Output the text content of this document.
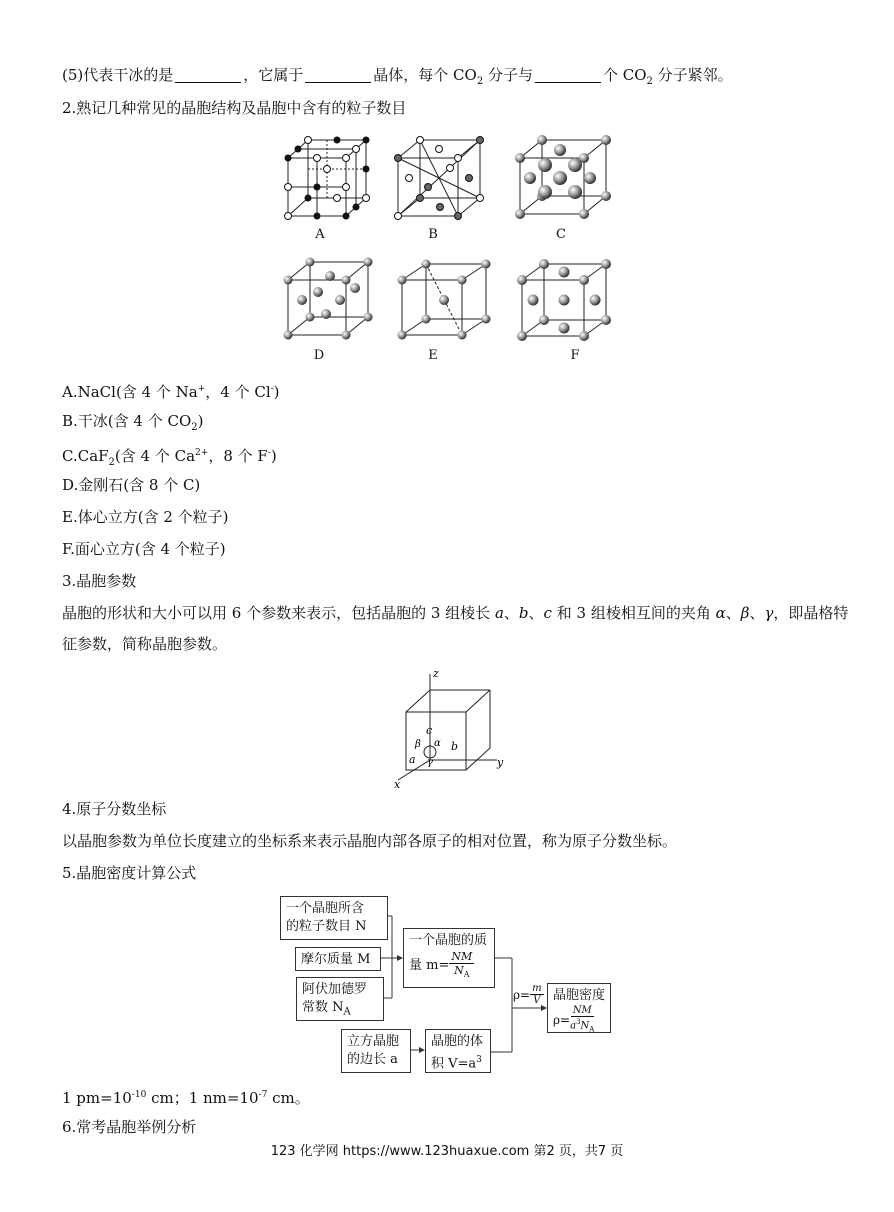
(5)代表干冰的是	，它属于	晶体，每个 $CO_2$ 分子与	个 $CO_2$ 分子紧邻。
2.熟记几种常见的晶胞结构及晶胞中含有的粒子数目
A	B	C
D	E	F
A.NaCl(含 4 个 Na+，4 个 Cl-)
B.干冰(含 4 个 $CO_2$)
C.CaF$_2$(含 4 个 $Ca^{2+}$，8 个 F-)
D.金刚石(含 8 个 C)
E.体心立方(含 2 个粒子)
F.面心立方(含 4 个粒子)
3.晶胞参数
晶胞的形状和大小可以用 6 个参数来表示，包括晶胞的 3 组棱长 a、b、c 和 3 组棱相互间的夹角 α、β、γ，即晶格特征参数，简称晶胞参数。
z
y
x
c
b
a
α
β
γ
4.原子分数坐标
以晶胞参数为单位长度建立的坐标系来表示晶胞内部各原子的相对位置，称为原子分数坐标。
5.晶胞密度计算公式
一个晶胞所含
的粒子数目 N
摩尔质量 M
阿伏加德罗
常数 $N_A$
一个晶胞的质
量 $m= \frac{NM}{N_A}$
$\rho= \frac{m}{V}$ 晶胞密度
$\rho= \frac{NM}{a^3N_A}$
立方晶胞
的边长 a
晶胞的体
积 $V=a^3$
1 $pm=10^{-10}$ cm；1 $nm=10^{-7}$ cm。
6.常考晶胞举例分析
123 化学网 https://www.123huaxue.com 第2 页，共7 页
